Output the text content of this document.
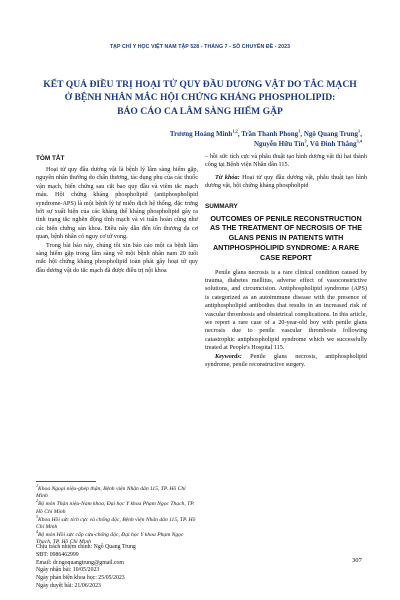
TẠP CHÍ Y HỌC VIỆT NAM TẬP 528 - THÁNG 7 - SỐ CHUYÊN ĐỀ - 2023
KẾT QUẢ ĐIỀU TRỊ HOẠI TỬ QUY ĐẦU DƯƠNG VẬT DO TẮC MẠCH
Ở BỆNH NHÂN MẮC HỘI CHỨNG KHÁNG PHOSPHOLIPID:
BÁO CÁO CA LÂM SÀNG HIẾM GẶP
Trương Hoàng Minh$^{1,2}$, Trần Thanh Phong$^1$, Ngô Quang Trung$^1$,
Nguyễn Hữu Tín$^3$, Vũ Đình Thắng$^{3,4}$
TÓM TẮT

Hoại tử quy đầu dương vật là bệnh lý lâm sàng hiếm gặp, nguyên nhân thường do chấn thương, tác dụng phụ của các thuốc vận mạch, biến chứng sau cắt bao quy đầu và viêm tắc mạch máu. Hội chứng kháng phospholipid (antiphospholipid syndrome-APS) là một bệnh lý tự miễn dịch hệ thống, đặc trưng bởi sự xuất hiện của các kháng thể kháng phospholipid gây ra tình trạng tắc nghẽn động tĩnh mạch và vi tuần hoàn cũng như các biến chứng sản khoa. Điều này dẫn đến tổn thương đa cơ quan, bệnh nhân có nguy cơ tử vong.

Trong bài báo này, chúng tôi xin báo cáo một ca bệnh lâm sàng hiếm gặp trong lâm sàng về một bệnh nhân nam 20 tuổi mắc hội chứng kháng phospholipid toàn phát gây hoại tử quy đầu dương vật do tắc mạch đã được điều trị nội khoa

$^1$Khoa Ngoại niệu-ghép thận, Bệnh viện Nhân dân 115, TP. Hồ Chí Minh
$^2$Bộ môn Thận niệu-Nam khoa, Đại học Y khoa Phạm Ngọc Thạch, TP. Hồ Chí Minh
$^3$Khoa Hồi sức tích cực và chống độc, Bệnh viện Nhân dân 115, TP. Hồ Chí Minh
$^4$Bộ môn Hồi sức cấp cứu-chống độc, Đại học Y khoa Phạm Ngọc Thạch, TP. Hồ Chí Minh
Chịu trách nhiệm chính: Ngô Quang Trung
SĐT: 0986462999
Email: dr.ngoquangtrung@gmail.com
Ngày nhận bài: 10/05/2023
Ngày phản biện khoa học: 25/05/2023
Ngày duyệt bài: 21/06/2023

– hồi sức tích cực và phẫu thuật tạo hình dương vật thì hai thành công tại Bệnh viện Nhân dân 115.

Từ khóa: Hoại tử quy đầu dương vật, phẫu thuật tạo hình dương vật, hội chứng kháng phospholipid

SUMMARY
OUTCOMES OF PENILE RECONSTRUCTION AS THE TREATMENT OF NECROSIS OF THE GLANS PENIS IN PATIENTS WITH ANTIPHOSPHOLIPID SYNDROME: A RARE CASE REPORT

Penile glans necrosis is a rare clinical condition caused by trauma, diabetes mellitus, adverse effect of vasoconstrictive solutions, and circumcision. Antiphospholipid syndrome (APS) is categorized as an autoimmune disease with the presence of antiphospholipid antibodies that results in an increased risk of vascular thrombosis and obstetrical complications. In this article, we report a rare case of a 20-year-old boy with penile glans necrosis due to penile vascular thrombosis following catastrophic antiphospholipid syndrome which we successfully treated at People's Hospital 115.

Keywords: Penile glans necrosis, antiphospholipid syndrome, penile reconstructive surgery.

307
